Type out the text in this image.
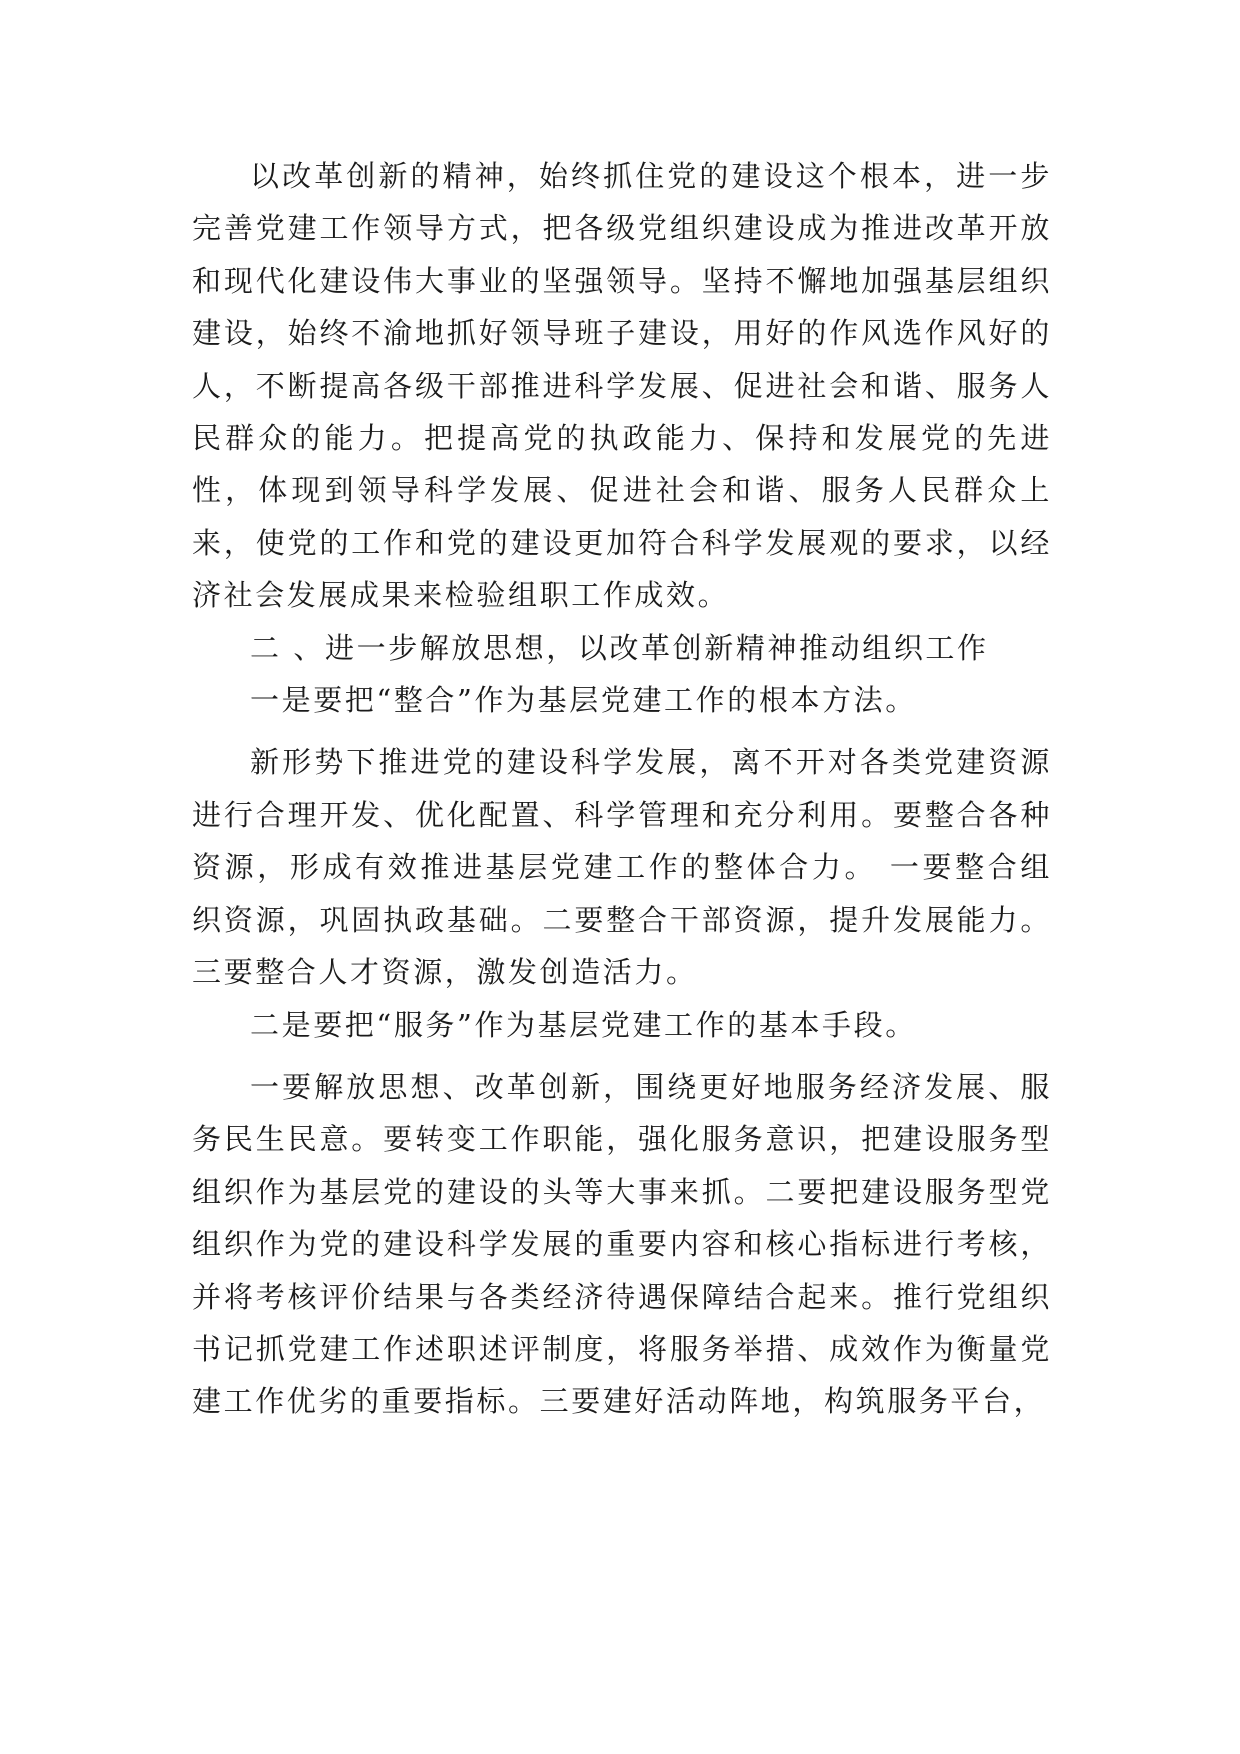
以改革创新的精神，始终抓住党的建设这个根本，进一步完善党建工作领导方式，把各级党组织建设成为推进改革开放和现代化建设伟大事业的坚强领导。坚持不懈地加强基层组织建设，始终不渝地抓好领导班子建设，用好的作风选作风好的人，不断提高各级干部推进科学发展、促进社会和谐、服务人民群众的能力。把提高党的执政能力、保持和发展党的先进性，体现到领导科学发展、促进社会和谐、服务人民群众上来，使党的工作和党的建设更加符合科学发展观的要求，以经济社会发展成果来检验组职工作成效。

二 、进一步解放思想，以改革创新精神推动组织工作

一是要把“整合”作为基层党建工作的根本方法。

新形势下推进党的建设科学发展，离不开对各类党建资源进行合理开发、优化配置、科学管理和充分利用。要整合各种资源，形成有效推进基层党建工作的整体合力。 一要整合组织资源，巩固执政基础。二要整合干部资源，提升发展能力。三要整合人才资源，激发创造活力。

二是要把“服务”作为基层党建工作的基本手段。

一要解放思想、改革创新，围绕更好地服务经济发展、服务民生民意。要转变工作职能，强化服务意识，把建设服务型组织作为基层党的建设的头等大事来抓。二要把建设服务型党组织作为党的建设科学发展的重要内容和核心指标进行考核，并将考核评价结果与各类经济待遇保障结合起来。推行党组织书记抓党建工作述职述评制度，将服务举措、成效作为衡量党建工作优劣的重要指标。三要建好活动阵地，构筑服务平台，
